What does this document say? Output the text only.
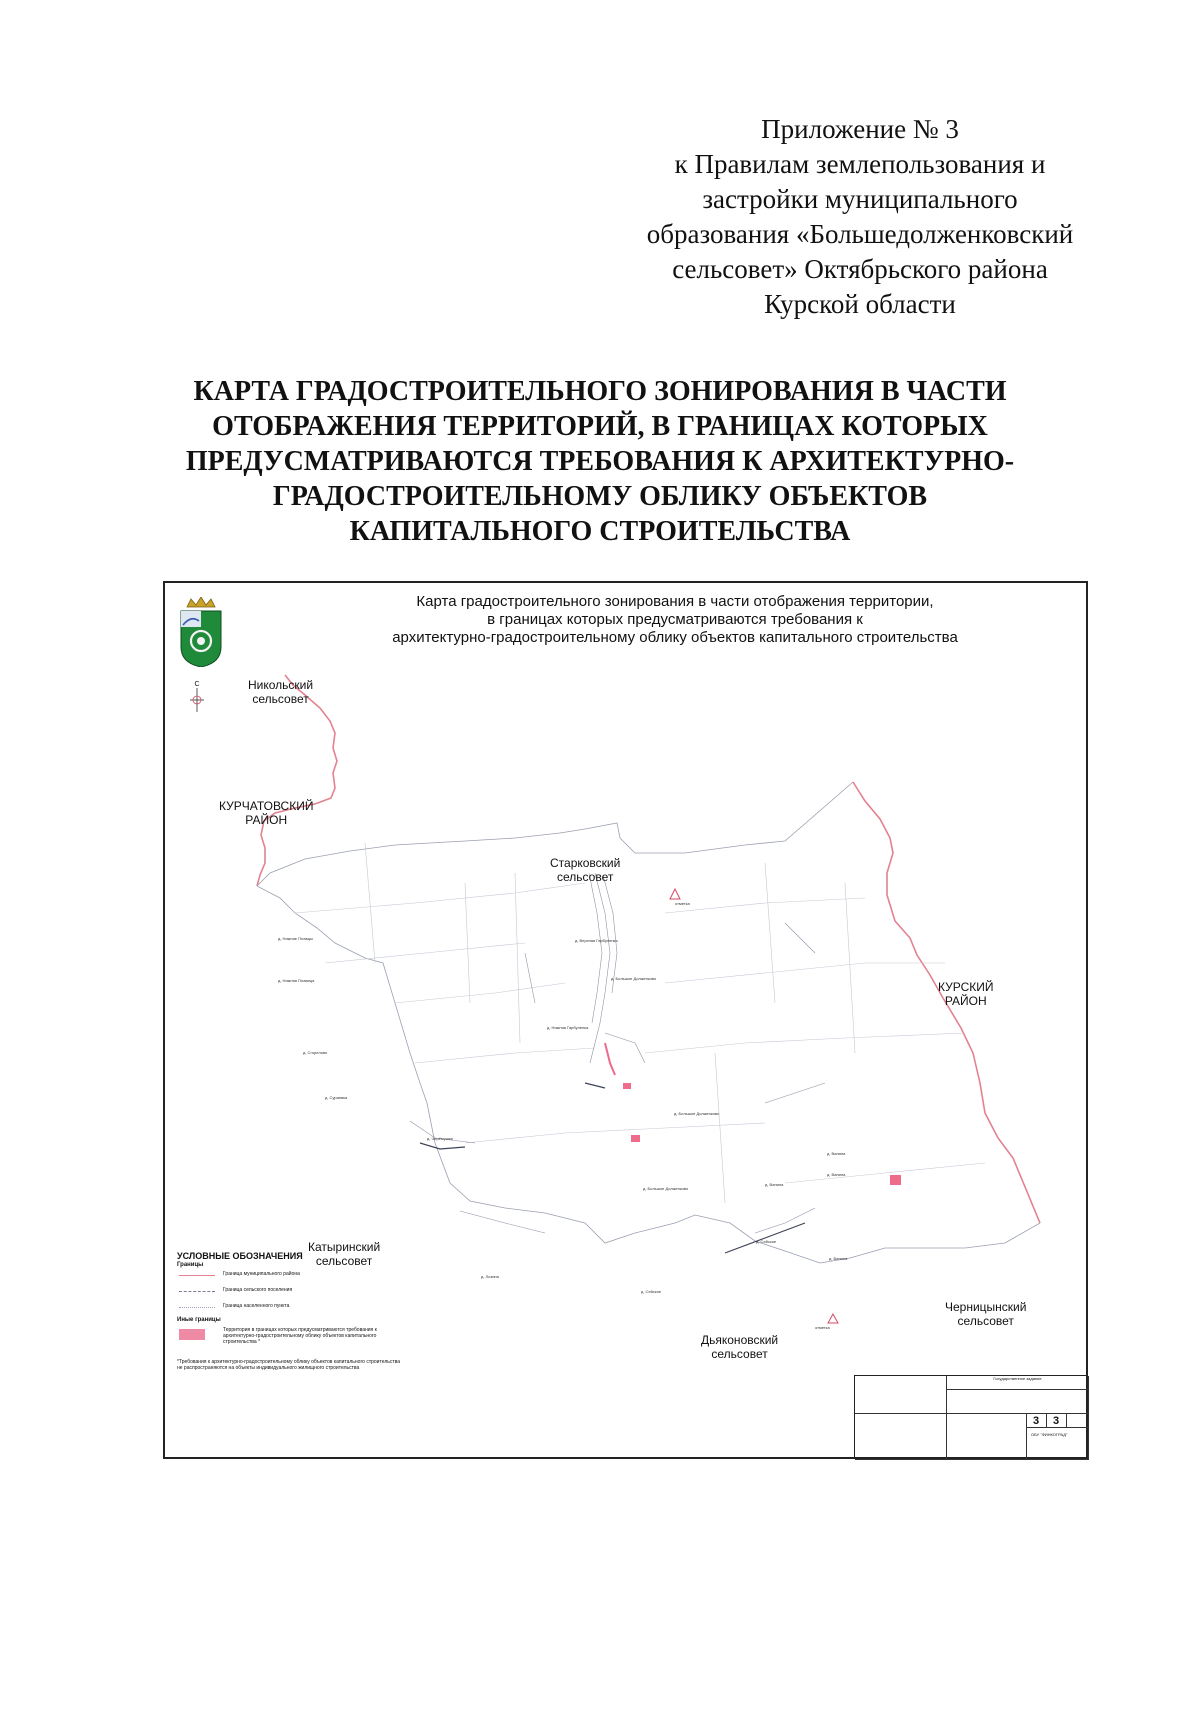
Приложение № 3
к Правилам землепользования и
застройки муниципального
образования «Большедолженковский
сельсовет» Октябрьского района
Курской области
КАРТА ГРАДОСТРОИТЕЛЬНОГО ЗОНИРОВАНИЯ В ЧАСТИ
ОТОБРАЖЕНИЯ ТЕРРИТОРИЙ, В ГРАНИЦАХ КОТОРЫХ
ПРЕДУСМАТРИВАЮТСЯ ТРЕБОВАНИЯ К АРХИТЕКТУРНО-
ГРАДОСТРОИТЕЛЬНОМУ ОБЛИКУ ОБЪЕКТОВ
КАПИТАЛЬНОГО СТРОИТЕЛЬСТВА
Карта градостроительного зонирования в части отображения территории,
в границах которых предусматриваются требования к
архитектурно-градостроительному облику объектов капитального строительства
С	Никольский
сельсовет
КУРЧАТОВСКИЙ
РАЙОН
Старковский
сельсовет
КУРСКИЙ
РАЙОН
Катыринский
сельсовет
Черницынский
сельсовет
Дьяконовский
сельсовет
д. Нижние Плавцы
д. Нижняя Плавица
д. Верхняя Гарбуленка
д. Большое Долженково
д. Нижняя Гарбуленка
д. Сгорелово
д. Сураевка
д. Черёмушки
д. Большое Долженково
д. Большое Долженково
д. Ванина
д. Ванина
д. Ванина
д. Сейское
д. Ванина
д. Лозина
д. Сейское
отметка
отметка
УСЛОВНЫЕ ОБОЗНАЧЕНИЯ
Границы
Граница муниципального района
Граница сельского поселения
Граница населенного пункта
Иные границы
Территория в границах которых предусматриваются требования к архитектурно-градостроительному облику объектов капитального строительства *
*Требования к архитектурно-градостроительному облику объектов капитального строительства не распространяются на объекты индивидуального жилищного строительства
Государственное задание
3 3
ОБУ "ФИНКОГРАД"
